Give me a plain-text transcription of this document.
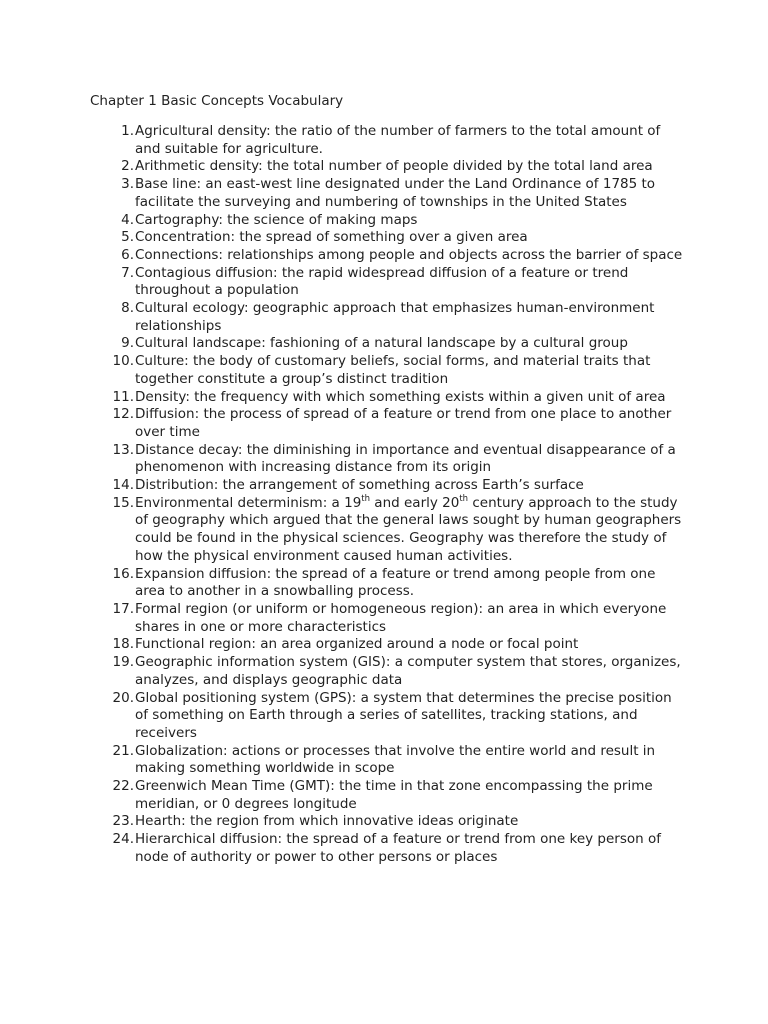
Chapter 1 Basic Concepts Vocabulary
1. Agricultural density: the ratio of the number of farmers to the total amount of and suitable for agriculture.
2. Arithmetic density: the total number of people divided by the total land area
3. Base line: an east-west line designated under the Land Ordinance of 1785 to facilitate the surveying and numbering of townships in the United States
4. Cartography: the science of making maps
5. Concentration: the spread of something over a given area
6. Connections: relationships among people and objects across the barrier of space
7. Contagious diffusion: the rapid widespread diffusion of a feature or trend throughout a population
8. Cultural ecology: geographic approach that emphasizes human-environment relationships
9. Cultural landscape: fashioning of a natural landscape by a cultural group
10. Culture: the body of customary beliefs, social forms, and material traits that together constitute a group’s distinct tradition
11. Density: the frequency with which something exists within a given unit of area
12. Diffusion: the process of spread of a feature or trend from one place to another over time
13. Distance decay: the diminishing in importance and eventual disappearance of a phenomenon with increasing distance from its origin
14. Distribution: the arrangement of something across Earth’s surface
15. Environmental determinism: a 19th and early 20th century approach to the study of geography which argued that the general laws sought by human geographers could be found in the physical sciences. Geography was therefore the study of how the physical environment caused human activities.
16. Expansion diffusion: the spread of a feature or trend among people from one area to another in a snowballing process.
17. Formal region (or uniform or homogeneous region): an area in which everyone shares in one or more characteristics
18. Functional region: an area organized around a node or focal point
19. Geographic information system (GIS): a computer system that stores, organizes, analyzes, and displays geographic data
20. Global positioning system (GPS): a system that determines the precise position of something on Earth through a series of satellites, tracking stations, and receivers
21. Globalization: actions or processes that involve the entire world and result in making something worldwide in scope
22. Greenwich Mean Time (GMT): the time in that zone encompassing the prime meridian, or 0 degrees longitude
23. Hearth: the region from which innovative ideas originate
24. Hierarchical diffusion: the spread of a feature or trend from one key person of node of authority or power to other persons or places
